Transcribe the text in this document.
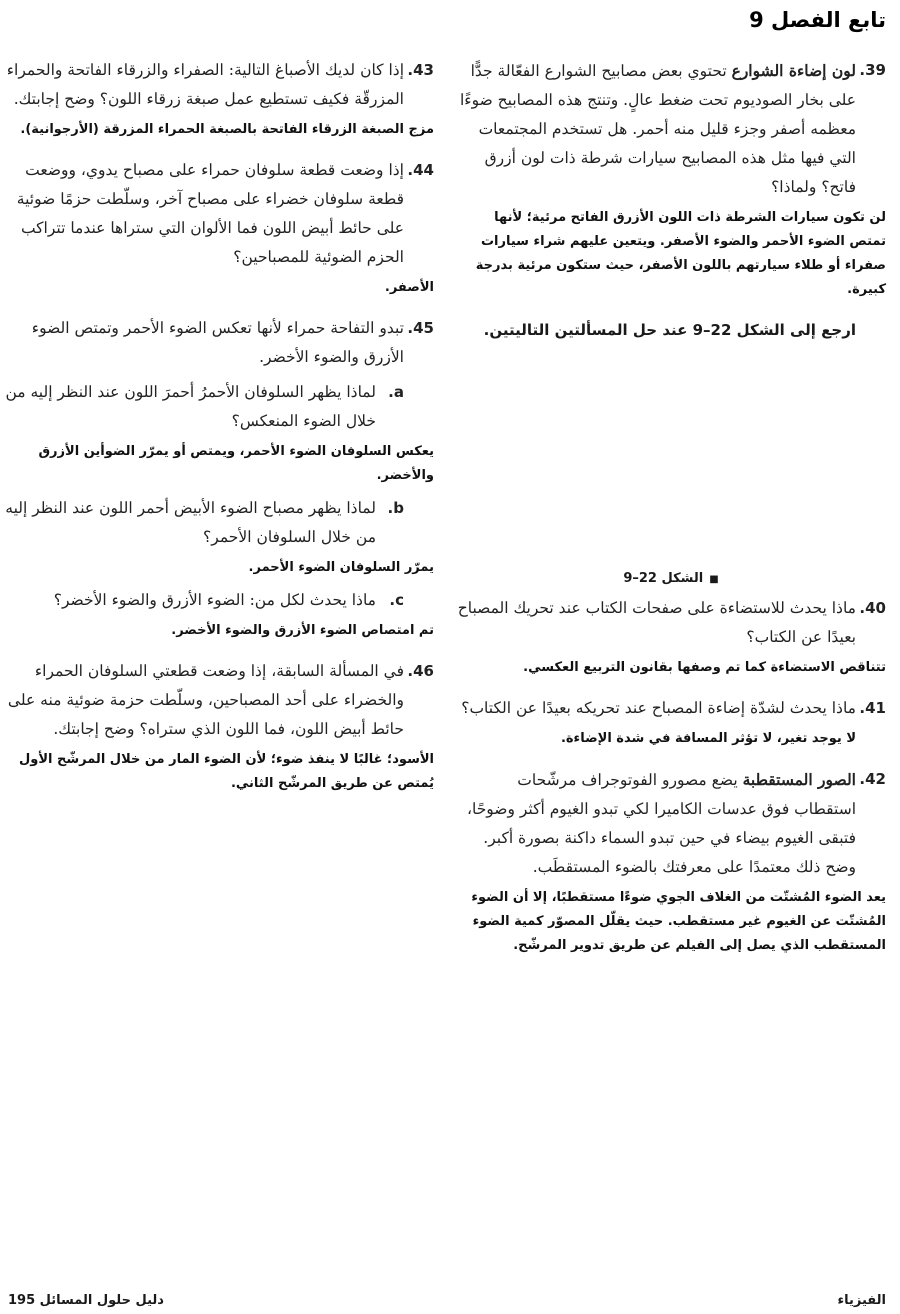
تابع الفصل 9

39.
لون إضاءة الشوارع تحتوي بعض مصابيح الشوارع الفعّالة جدًّا على بخار الصوديوم تحت ضغط عالٍ. وتنتج هذه المصابيح ضوءًا معظمه أصفر وجزء قليل منه أحمر. هل تستخدم المجتمعات التي فيها مثل هذه المصابيح سيارات شرطة ذات لون أزرق فاتح؟ ولماذا؟

لن تكون سيارات الشرطة ذات اللون الأزرق الفاتح مرئية؛ لأنها تمتص الضوء الأحمر والضوء الأصفر. ويتعين عليهم شراء سيارات صفراء أو طلاء سيارتهم باللون الأصفر، حيث ستكون مرئية بدرجة كبيرة.

ارجع إلى الشكل 22–9 عند حل المسألتين التاليتين.

■الشكل 22–9

40.
ماذا يحدث للاستضاءة على صفحات الكتاب عند تحريك المصباح بعيدًا عن الكتاب؟

تتناقص الاستضاءة كما تم وصفها بقانون التربيع العكسي.

41.
ماذا يحدث لشدّة إضاءة المصباح عند تحريكه بعيدًا عن الكتاب؟

لا يوجد تغير، لا تؤثر المسافة في شدة الإضاءة.

42.
الصور المستقطبة يضع مصورو الفوتوجراف مرشّحات استقطاب فوق عدسات الكاميرا لكي تبدو الغيوم أكثر وضوحًا، فتبقى الغيوم بيضاء في حين تبدو السماء داكنة بصورة أكبر. وضح ذلك معتمدًا على معرفتك بالضوء المستقطَب.

يعد الضوء المُشتّت من الغلاف الجوي ضوءًا مستقطبًا، إلا أن الضوء المُشتّت عن الغيوم غير مستقطب. حيث يقلّل المصوّر كمية الضوء المستقطب الذي يصل إلى الفيلم عن طريق تدوير المرشّح.

43.
إذا كان لديك الأصباغ التالية: الصفراء والزرقاء الفاتحة والحمراء المزرقّة فكيف تستطيع عمل صبغة زرقاء اللون؟ وضح إجابتك.

مزج الصبغة الزرقاء الفاتحة بالصبغة الحمراء المزرقة (الأرجوانية).

44.
إذا وضعت قطعة سلوفان حمراء على مصباح يدوي، ووضعت قطعة سلوفان خضراء على مصباح آخر، وسلّطت حزمًا ضوئية على حائط أبيض اللون فما الألوان التي ستراها عندما تتراكب الحزم الضوئية للمصباحين؟

الأصفر.

45.
تبدو التفاحة حمراء لأنها تعكس الضوء الأحمر وتمتص الضوء الأزرق والضوء الأخضر.

a.
لماذا يظهر السلوفان الأحمرُ أحمرَ اللون عند النظر إليه من خلال الضوء المنعكس؟

يعكس السلوفان الضوء الأحمر، ويمتص أو يمرّر الضوأين الأزرق والأخضر.

b.
لماذا يظهر مصباح الضوء الأبيض أحمر اللون عند النظر إليه من خلال السلوفان الأحمر؟

يمرّر السلوفان الضوء الأحمر.

c.
ماذا يحدث لكل من: الضوء الأزرق والضوء الأخضر؟

تم امتصاص الضوء الأزرق والضوء الأخضر.

46.
في المسألة السابقة، إذا وضعت قطعتي السلوفان الحمراء والخضراء على أحد المصباحين، وسلّطت حزمة ضوئية منه على حائط أبيض اللون، فما اللون الذي ستراه؟ وضح إجابتك.

الأسود؛ غالبًا لا ينفذ ضوء؛ لأن الضوء المار من خلال المرشّح الأول يُمتص عن طريق المرشّح الثاني.

الفيزياء
دليل حلول المسائل 195
